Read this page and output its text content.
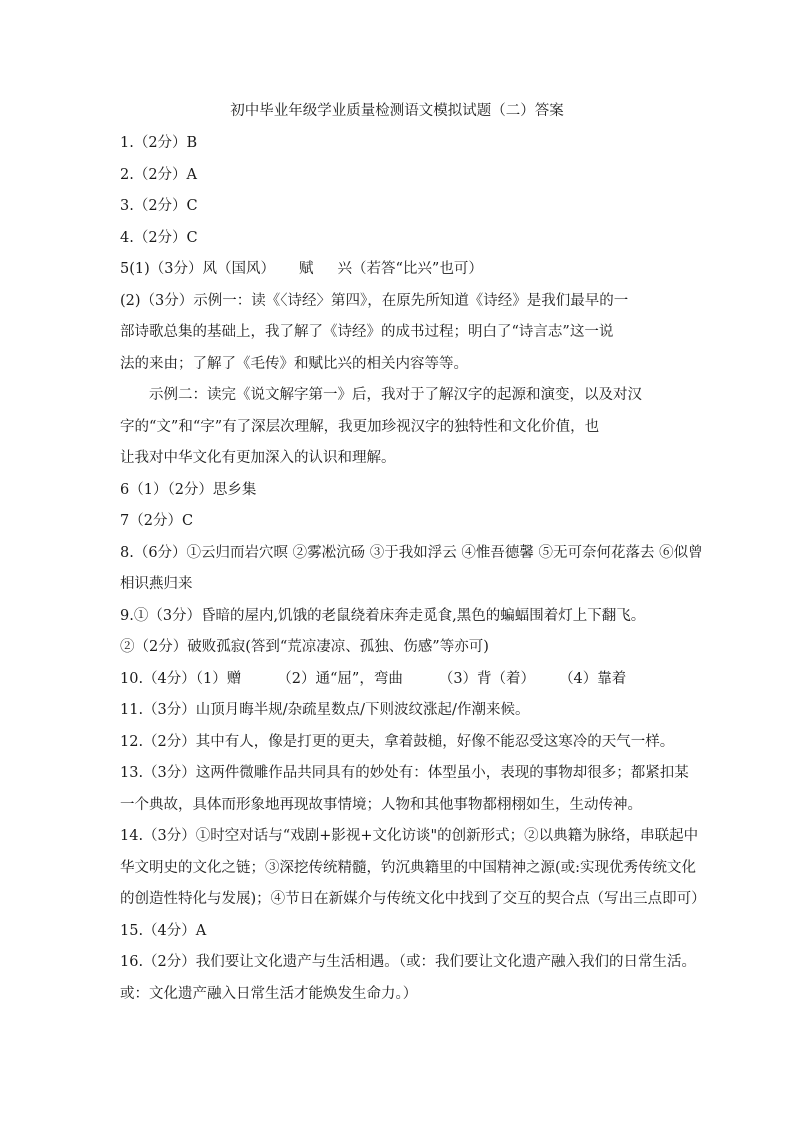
初中毕业年级学业质量检测语文模拟试题（二）答案
1.（2分）B
2.（2分）A
3.（2分）C
4.（2分）C
5(1)（3分）风（国风） 赋 兴（若答“比兴”也可）
(2)（3分）示例一：读《〈诗经〉第四》，在原先所知道《诗经》是我们最早的一
部诗歌总集的基础上，我了解了《诗经》的成书过程；明白了“诗言志”这一说
法的来由；了解了《毛传》和赋比兴的相关内容等等。
示例二：读完《说文解字第一》后，我对于了解汉字的起源和演变，以及对汉
字的“文”和“字”有了深层次理解，我更加珍视汉字的独特性和文化价值，也
让我对中华文化有更加深入的认识和理解。
6（1）（2分）思乡集
7（2分）C
8.（6分）①云归而岩穴暝 ②雾凇沆砀 ③于我如浮云 ④惟吾德馨 ⑤无可奈何花落去 ⑥似曾
相识燕归来
9.①（3分）昏暗的屋内,饥饿的老鼠绕着床奔走觅食,黑色的蝙蝠围着灯上下翻飞。
②（2分）破败孤寂(答到“荒凉凄凉、孤独、伤感”等亦可)
10.（4分）（1）赠 （2）通“屈”，弯曲 （3）背（着） （4）靠着
11.（3分）山顶月晦半规/杂疏星数点/下则波纹涨起/作潮来候。
12.（2分）其中有人，像是打更的更夫，拿着鼓槌，好像不能忍受这寒冷的天气一样。
13.（3分）这两件微雕作品共同具有的妙处有：体型虽小，表现的事物却很多；都紧扣某
一个典故，具体而形象地再现故事情境；人物和其他事物都栩栩如生，生动传神。
14.（3分）①时空对话与“戏剧+影视+文化访谈"的创新形式；②以典籍为脉络，串联起中
华文明史的文化之链；③深挖传统精髓，钓沉典籍里的中国精神之源(或:实现优秀传统文化
的创造性特化与发展)；④节日在新媒介与传统文化中找到了交互的契合点（写出三点即可）
15.（4分）A
16.（2分）我们要让文化遗产与生活相遇。（或：我们要让文化遗产融入我们的日常生活。
或：文化遗产融入日常生活才能焕发生命力。）
